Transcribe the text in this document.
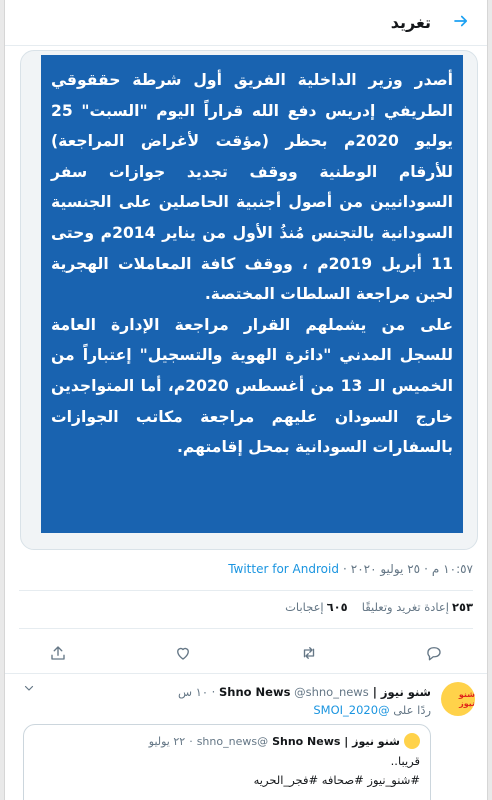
تغريد
أصدر وزير الداخلية الفريق أول شرطة حققوقي الطريفي إدريس دفع الله قراراً اليوم "السبت" 25 يوليو 2020م بحظر (مؤقت لأغراض المراجعة) للأرقام الوطنية ووقف تجديد جوازات سفر السودانيين من أصول أجنبية الحاصلين على الجنسية السودانية بالتجنس مُنذُ الأول من يناير 2014م وحتى 11 أبريل 2019م ، ووقف كافة المعاملات الهجرية لحين مراجعة السلطات المختصة.
على من يشملهم القرار مراجعة الإدارة العامة للسجل المدني "دائرة الهوية والتسجيل" إعتباراً من الخميس الـ 13 من أغسطس 2020م، أما المتواجدين خارج السودان عليهم مراجعة مكاتب الجوازات بالسفارات السودانية بمحل إقامتهم.
١٠:٥٧ م
·
٢٥ يوليو ٢٠٢٠
·
Twitter for Android
٢٥٣إعادة تغريد وتعليقًا
٦٠٥إعجابات
شنو نيوز
شنو نيوز | Shno News @shno_news · ١٠ س
ردًا على @SMOI_2020
شنو نيوز | Shno News
@shno_news
·
٢٢ يوليو
قريبا..
#شنو_نيوز #صحافه #فجر_الحريه
